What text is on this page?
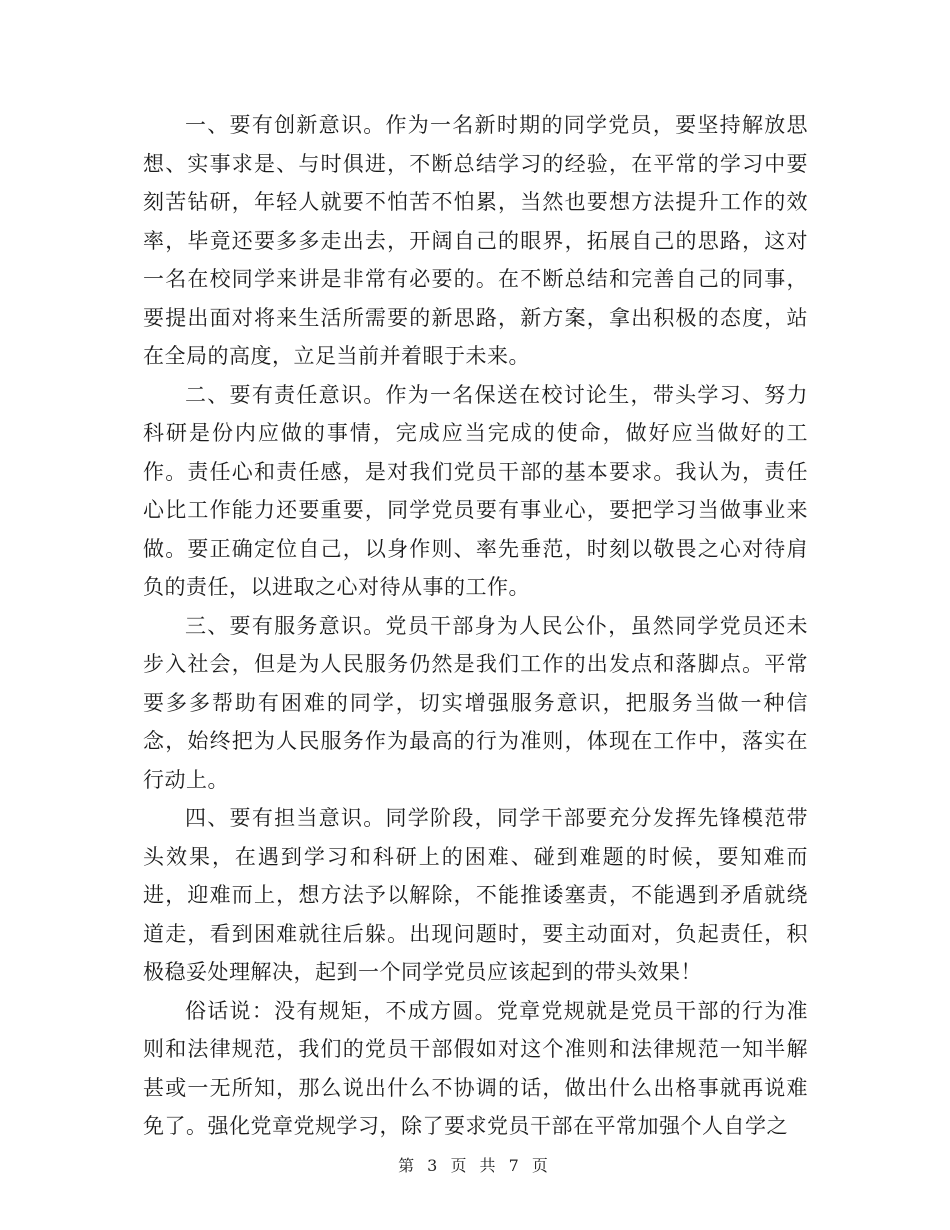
一、要有创新意识。作为一名新时期的同学党员，要坚持解放思想、实事求是、与时俱进，不断总结学习的经验，在平常的学习中要刻苦钻研，年轻人就要不怕苦不怕累，当然也要想方法提升工作的效率，毕竟还要多多走出去，开阔自己的眼界，拓展自己的思路，这对一名在校同学来讲是非常有必要的。在不断总结和完善自己的同事，要提出面对将来生活所需要的新思路，新方案，拿出积极的态度，站在全局的高度，立足当前并着眼于未来。

二、要有责任意识。作为一名保送在校讨论生，带头学习、努力科研是份内应做的事情，完成应当完成的使命，做好应当做好的工作。责任心和责任感，是对我们党员干部的基本要求。我认为，责任心比工作能力还要重要，同学党员要有事业心，要把学习当做事业来做。要正确定位自己，以身作则、率先垂范，时刻以敬畏之心对待肩负的责任，以进取之心对待从事的工作。

三、要有服务意识。党员干部身为人民公仆，虽然同学党员还未步入社会，但是为人民服务仍然是我们工作的出发点和落脚点。平常要多多帮助有困难的同学，切实增强服务意识，把服务当做一种信念，始终把为人民服务作为最高的行为准则，体现在工作中，落实在行动上。

四、要有担当意识。同学阶段，同学干部要充分发挥先锋模范带头效果，在遇到学习和科研上的困难、碰到难题的时候，要知难而进，迎难而上，想方法予以解除，不能推诿塞责，不能遇到矛盾就绕道走，看到困难就往后躲。出现问题时，要主动面对，负起责任，积极稳妥处理解决，起到一个同学党员应该起到的带头效果！

俗话说：没有规矩，不成方圆。党章党规就是党员干部的行为准则和法律规范，我们的党员干部假如对这个准则和法律规范一知半解甚或一无所知，那么说出什么不协调的话，做出什么出格事就再说难免了。强化党章党规学习，除了要求党员干部在平常加强个人自学之

第 3 页 共 7 页
